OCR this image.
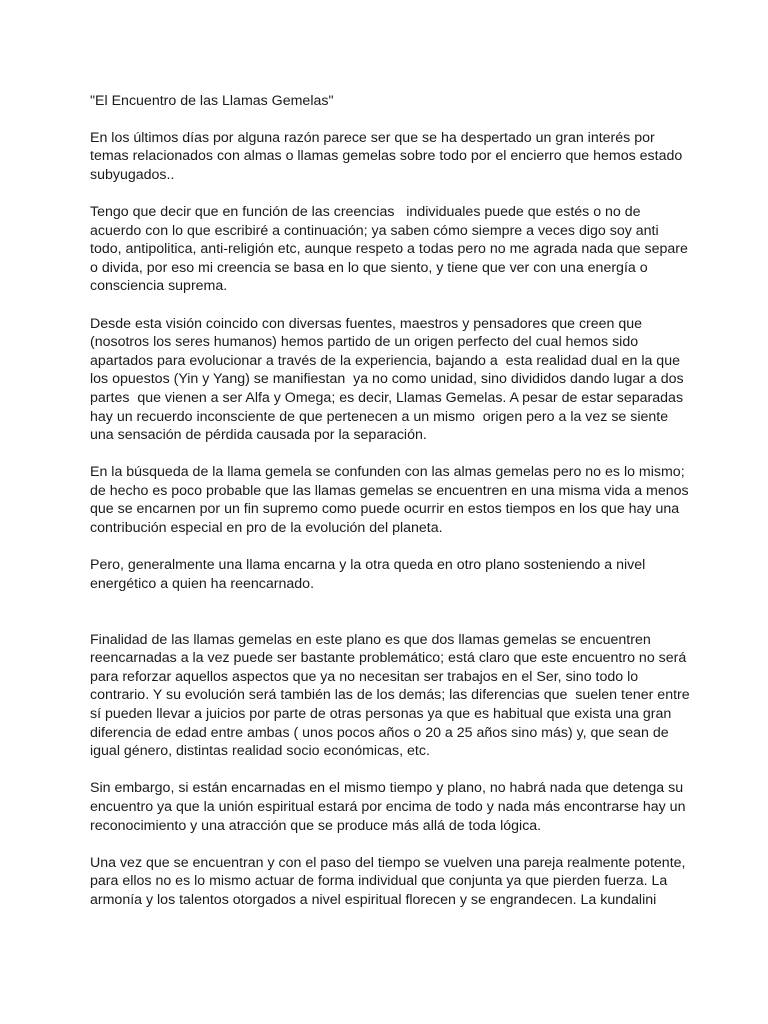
"El Encuentro de las Llamas Gemelas"
En los últimos días por alguna razón parece ser que se ha despertado un gran interés por
temas relacionados con almas o llamas gemelas sobre todo por el encierro que hemos estado
subyugados..
Tengo que decir que en función de las creencias   individuales puede que estés o no de
acuerdo con lo que escribiré a continuación; ya saben cómo siempre a veces digo soy anti
todo, antipolitica, anti-religión etc, aunque respeto a todas pero no me agrada nada que separe
o divida, por eso mi creencia se basa en lo que siento, y tiene que ver con una energía o
consciencia suprema.
Desde esta visión coincido con diversas fuentes, maestros y pensadores que creen que
(nosotros los seres humanos) hemos partido de un origen perfecto del cual hemos sido
apartados para evolucionar a través de la experiencia, bajando a  esta realidad dual en la que
los opuestos (Yin y Yang) se manifiestan  ya no como unidad, sino divididos dando lugar a dos
partes  que vienen a ser Alfa y Omega; es decir, Llamas Gemelas. A pesar de estar separadas
hay un recuerdo inconsciente de que pertenecen a un mismo  origen pero a la vez se siente
una sensación de pérdida causada por la separación.
En la búsqueda de la llama gemela se confunden con las almas gemelas pero no es lo mismo;
de hecho es poco probable que las llamas gemelas se encuentren en una misma vida a menos
que se encarnen por un fin supremo como puede ocurrir en estos tiempos en los que hay una
contribución especial en pro de la evolución del planeta.
Pero, generalmente una llama encarna y la otra queda en otro plano sosteniendo a nivel
energético a quien ha reencarnado.
Finalidad de las llamas gemelas en este plano es que dos llamas gemelas se encuentren
reencarnadas a la vez puede ser bastante problemático; está claro que este encuentro no será
para reforzar aquellos aspectos que ya no necesitan ser trabajos en el Ser, sino todo lo
contrario. Y su evolución será también las de los demás; las diferencias que  suelen tener entre
sí pueden llevar a juicios por parte de otras personas ya que es habitual que exista una gran
diferencia de edad entre ambas ( unos pocos años o 20 a 25 años sino más) y, que sean de
igual género, distintas realidad socio económicas, etc.
Sin embargo, si están encarnadas en el mismo tiempo y plano, no habrá nada que detenga su
encuentro ya que la unión espiritual estará por encima de todo y nada más encontrarse hay un
reconocimiento y una atracción que se produce más allá de toda lógica.
Una vez que se encuentran y con el paso del tiempo se vuelven una pareja realmente potente,
para ellos no es lo mismo actuar de forma individual que conjunta ya que pierden fuerza. La
armonía y los talentos otorgados a nivel espiritual florecen y se engrandecen. La kundalini
